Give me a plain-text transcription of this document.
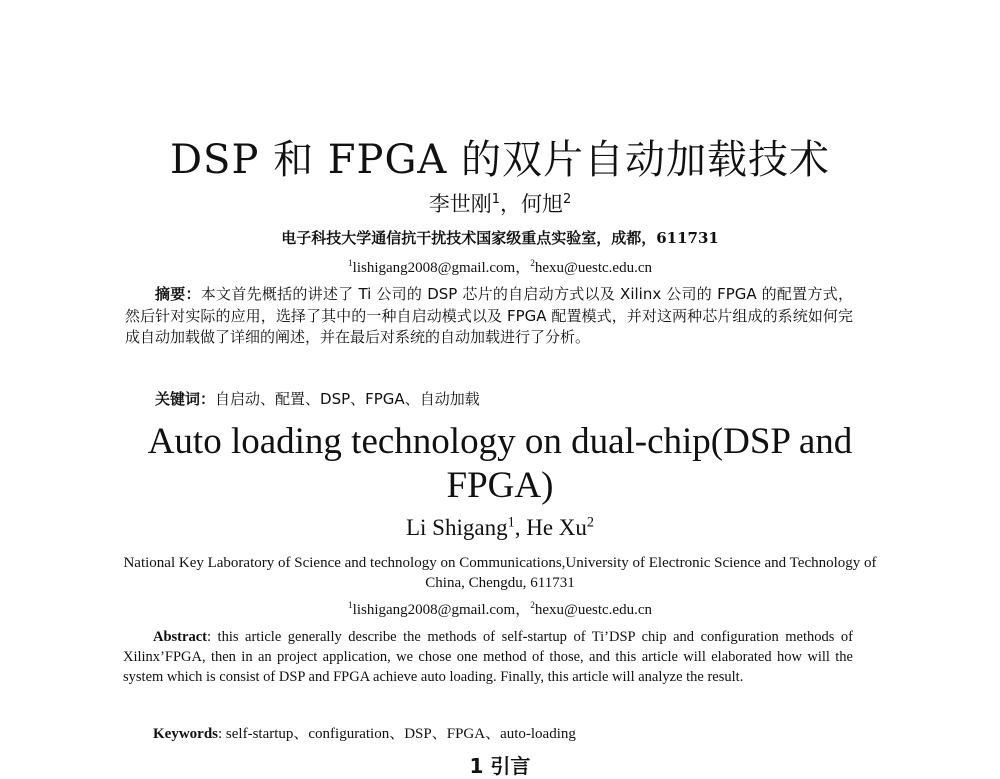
DSP 和 FPGA 的双片自动加载技术
李世刚$^1$，何旭$^2$
电子科技大学通信抗干扰技术国家级重点实验室，成都，611731
$^1$lishigang2008@gmail.com，$^2$hexu@uestc.edu.cn
摘要：本文首先概括的讲述了 Ti 公司的 DSP 芯片的自启动方式以及 Xilinx 公司的 FPGA 的配置方式，然后针对实际的应用，选择了其中的一种自启动模式以及 FPGA 配置模式，并对这两种芯片组成的系统如何完成自动加载做了详细的阐述，并在最后对系统的自动加载进行了分析。
关键词：自启动、配置、DSP、FPGA、自动加载
Auto loading technology on dual-chip(DSP and FPGA)
Li Shigang$^1$, He Xu$^2$
National Key Laboratory of Science and technology on Communications,University of Electronic Science and Technology of China, Chengdu, 611731
$^1$lishigang2008@gmail.com，$^2$hexu@uestc.edu.cn
Abstract: this article generally describe the methods of self-startup of Ti’DSP chip and configuration methods of Xilinx’FPGA, then in an project application, we chose one method of those, and this article will elaborated how will the system which is consist of DSP and FPGA achieve auto loading. Finally, this article will analyze the result.
Keywords: self-startup、configuration、DSP、FPGA、auto-loading
1 引言
